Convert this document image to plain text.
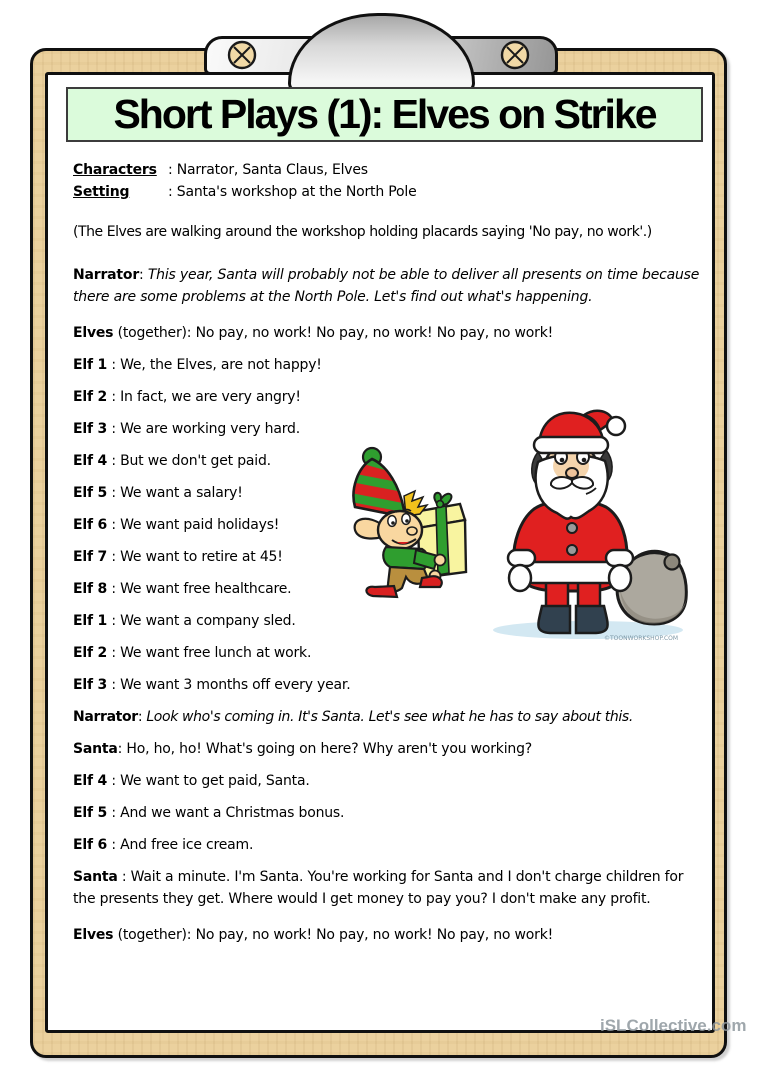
Short Plays (1): Elves on Strike
Characters : Narrator, Santa Claus, Elves
Setting	: Santa's workshop at the North Pole

(The Elves are walking around the workshop holding placards saying 'No pay, no work'.)

Narrator: This year, Santa will probably not be able to deliver all presents on time because there are some problems at the North Pole. Let's find out what's happening.

Elves (together): No pay, no work! No pay, no work! No pay, no work!

Elf 1 : We, the Elves, are not happy!

Elf 2 : In fact, we are very angry!

Elf 3 : We are working very hard.

Elf 4 : But we don't get paid.

Elf 5 : We want a salary!

Elf 6 : We want paid holidays!

Elf 7 : We want to retire at 45!

Elf 8 : We want free healthcare.

Elf 1 : We want a company sled.

Elf 2 : We want free lunch at work.

Elf 3 : We want 3 months off every year.

Narrator: Look who's coming in. It's Santa. Let's see what he has to say about this.

Santa: Ho, ho, ho! What's going on here? Why aren't you working?

Elf 4 : We want to get paid, Santa.

Elf 5 : And we want a Christmas bonus.

Elf 6 : And free ice cream.

Santa : Wait a minute. I'm Santa. You're working for Santa and I don't charge children for the presents they get. Where would I get money to pay you? I don't make any profit.

Elves (together): No pay, no work! No pay, no work! No pay, no work!

©TOONWORKSHOP.COM
iSLCollective.com
